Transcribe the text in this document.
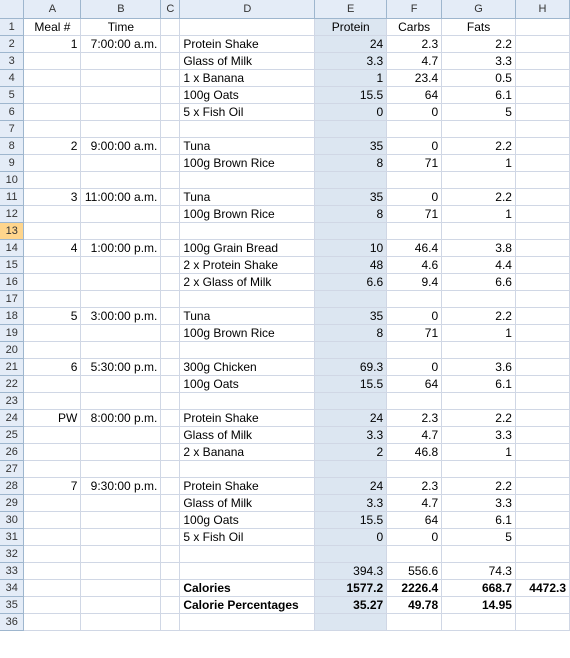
	A	B	C	D	E	F	G	H
1	Meal #	Time			Protein	Carbs	Fats	
2	1	7:00:00 a.m.		Protein Shake	24	2.3	2.2	
3				Glass of Milk	3.3	4.7	3.3	
4				1 x Banana	1	23.4	0.5	
5				100g Oats	15.5	64	6.1	
6				5 x Fish Oil	0	0	5	
7								
8	2	9:00:00 a.m.		Tuna	35	0	2.2	
9				100g Brown Rice	8	71	1	
10								
11	3	11:00:00 a.m.		Tuna	35	0	2.2	
12				100g Brown Rice	8	71	1	
13								
14	4	1:00:00 p.m.		100g Grain Bread	10	46.4	3.8	
15				2 x Protein Shake	48	4.6	4.4	
16				2 x Glass of Milk	6.6	9.4	6.6	
17								
18	5	3:00:00 p.m.		Tuna	35	0	2.2	
19				100g Brown Rice	8	71	1	
20								
21	6	5:30:00 p.m.		300g Chicken	69.3	0	3.6	
22				100g Oats	15.5	64	6.1	
23								
24	PW	8:00:00 p.m.		Protein Shake	24	2.3	2.2	
25				Glass of Milk	3.3	4.7	3.3	
26				2 x Banana	2	46.8	1	
27								
28	7	9:30:00 p.m.		Protein Shake	24	2.3	2.2	
29				Glass of Milk	3.3	4.7	3.3	
30				100g Oats	15.5	64	6.1	
31				5 x Fish Oil	0	0	5	
32								
33					394.3	556.6	74.3	
34				Calories	1577.2	2226.4	668.7	4472.3
35				Calorie Percentages	35.27	49.78	14.95	
36								
